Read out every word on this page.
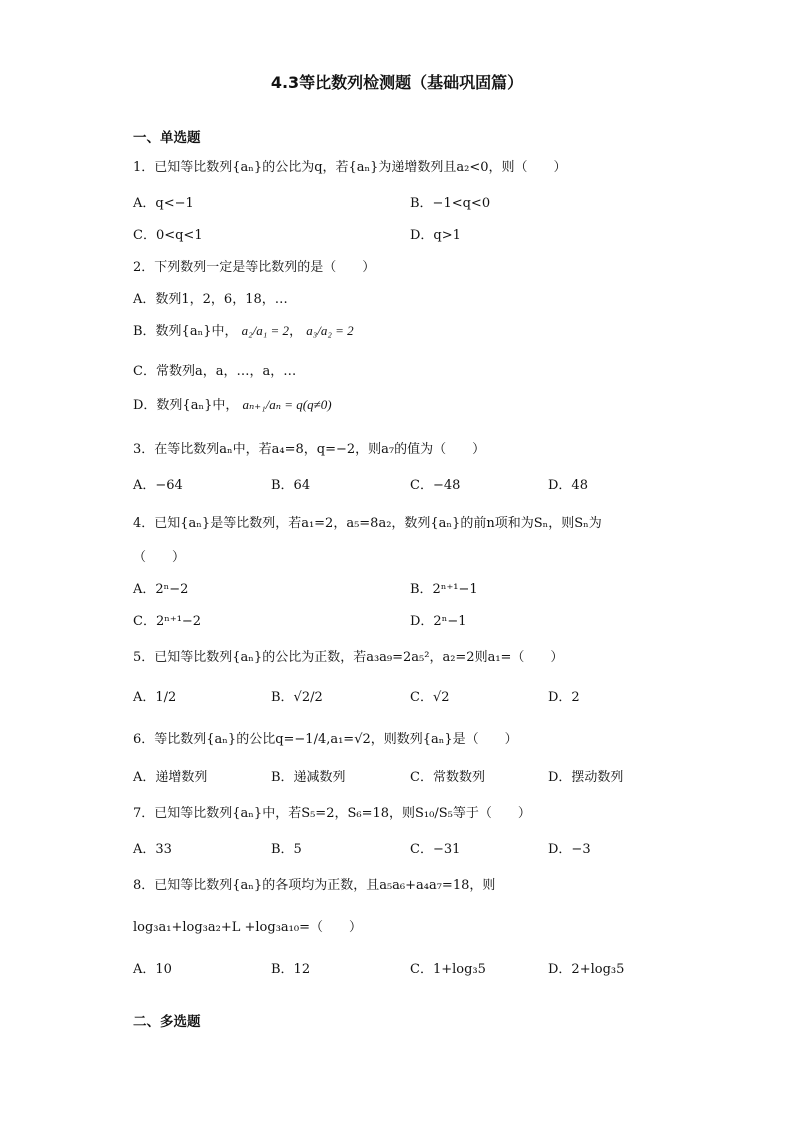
4.3等比数列检测题（基础巩固篇）
一、单选题
1．已知等比数列{aₙ}的公比为q，若{aₙ}为递增数列且a₂<0，则（　　）
A．q<−1	B．−1<q<0
C．0<q<1	D．q>1
2．下列数列一定是等比数列的是（　　）
A．数列1，2，6，18，…
B．数列{aₙ}中， a₂/a₁ = 2， a₃/a₂ = 2
C．常数列a，a，…，a，…
D．数列{aₙ}中， aₙ₊₁/aₙ = q(q≠0)
3．在等比数列aₙ中，若a₄=8，q=−2，则a₇的值为（　　）
A．−64	B．64	C．−48	D．48
4．已知{aₙ}是等比数列，若a₁=2，a₅=8a₂，数列{aₙ}的前n项和为Sₙ，则Sₙ为
（　　）
A．2ⁿ−2	B．2ⁿ⁺¹−1
C．2ⁿ⁺¹−2	D．2ⁿ−1
5．已知等比数列{aₙ}的公比为正数，若a₃a₉=2a₅²，a₂=2则a₁=（　　）
A．1/2	B．√2/2	C．√2	D．2
6．等比数列{aₙ}的公比q=−1/4,a₁=√2，则数列{aₙ}是（　　）
A．递增数列	B．递减数列	C．常数数列	D．摆动数列
7．已知等比数列{aₙ}中，若S₅=2，S₆=18，则S₁₀/S₅等于（　　）
A．33	B．5	C．−31	D．−3
8．已知等比数列{aₙ}的各项均为正数，且a₅a₆+a₄a₇=18，则
log₃a₁+log₃a₂+L +log₃a₁₀=（　　）
A．10	B．12	C．1+log₃5	D．2+log₃5
二、多选题
